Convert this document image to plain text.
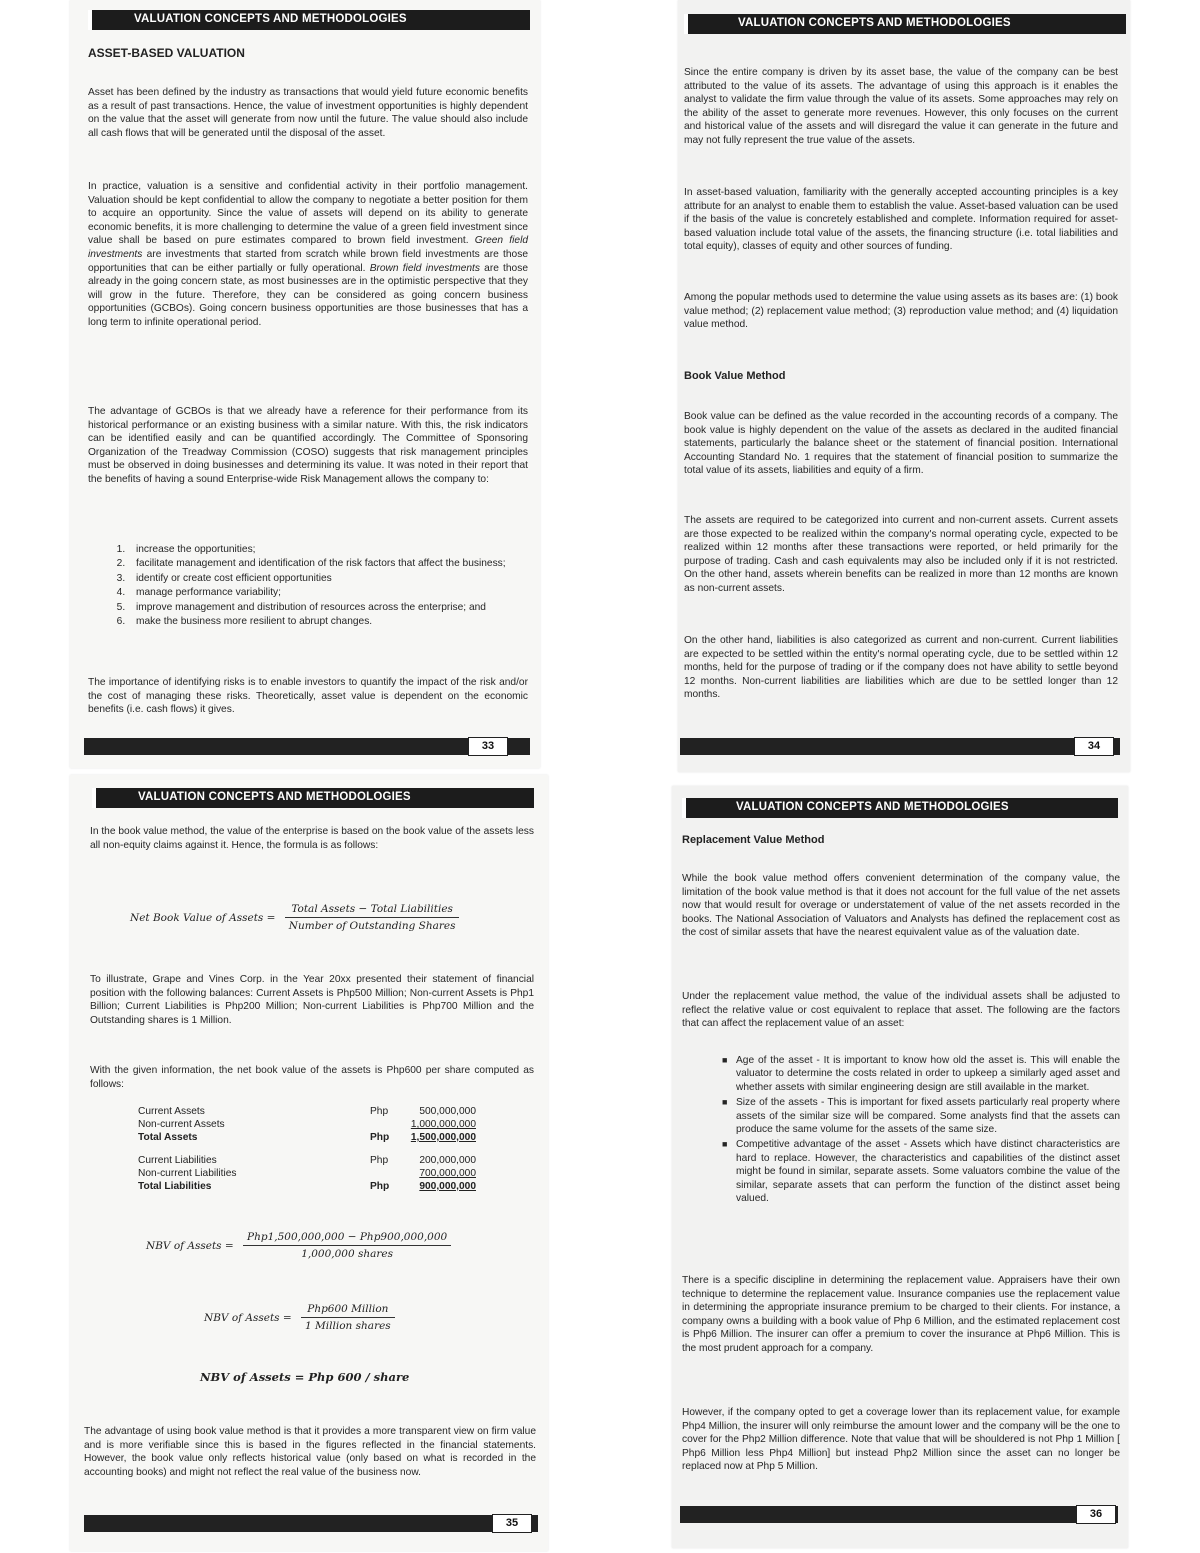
VALUATION CONCEPTS AND METHODOLOGIES
ASSET-BASED VALUATION
Asset has been defined by the industry as transactions that would yield future economic benefits as a result of past transactions. Hence, the value of investment opportunities is highly dependent on the value that the asset will generate from now until the future. The value should also include all cash flows that will be generated until the disposal of the asset.
In practice, valuation is a sensitive and confidential activity in their portfolio management. Valuation should be kept confidential to allow the company to negotiate a better position for them to acquire an opportunity. Since the value of assets will depend on its ability to generate economic benefits, it is more challenging to determine the value of a green field investment since value shall be based on pure estimates compared to brown field investment. Green field investments are investments that started from scratch while brown field investments are those opportunities that can be either partially or fully operational. Brown field investments are those already in the going concern state, as most businesses are in the optimistic perspective that they will grow in the future. Therefore, they can be considered as going concern business opportunities (GCBOs). Going concern business opportunities are those businesses that has a long term to infinite operational period.
The advantage of GCBOs is that we already have a reference for their performance from its historical performance or an existing business with a similar nature. With this, the risk indicators can be identified easily and can be quantified accordingly. The Committee of Sponsoring Organization of the Treadway Commission (COSO) suggests that risk management principles must be observed in doing businesses and determining its value. It was noted in their report that the benefits of having a sound Enterprise-wide Risk Management allows the company to:
1. increase the opportunities;
2. facilitate management and identification of the risk factors that affect the business;
3. identify or create cost efficient opportunities
4. manage performance variability;
5. improve management and distribution of resources across the enterprise; and
6. make the business more resilient to abrupt changes.
The importance of identifying risks is to enable investors to quantify the impact of the risk and/or the cost of managing these risks. Theoretically, asset value is dependent on the economic benefits (i.e. cash flows) it gives.
33
VALUATION CONCEPTS AND METHODOLOGIES
Since the entire company is driven by its asset base, the value of the company can be best attributed to the value of its assets. The advantage of using this approach is it enables the analyst to validate the firm value through the value of its assets. Some approaches may rely on the ability of the asset to generate more revenues. However, this only focuses on the current and historical value of the assets and will disregard the value it can generate in the future and may not fully represent the true value of the assets.
In asset-based valuation, familiarity with the generally accepted accounting principles is a key attribute for an analyst to enable them to establish the value. Asset-based valuation can be used if the basis of the value is concretely established and complete. Information required for asset-based valuation include total value of the assets, the financing structure (i.e. total liabilities and total equity), classes of equity and other sources of funding.
Among the popular methods used to determine the value using assets as its bases are: (1) book value method; (2) replacement value method; (3) reproduction value method; and (4) liquidation value method.
Book Value Method
Book value can be defined as the value recorded in the accounting records of a company. The book value is highly dependent on the value of the assets as declared in the audited financial statements, particularly the balance sheet or the statement of financial position. International Accounting Standard No. 1 requires that the statement of financial position to summarize the total value of its assets, liabilities and equity of a firm.
The assets are required to be categorized into current and non-current assets. Current assets are those expected to be realized within the company's normal operating cycle, expected to be realized within 12 months after these transactions were reported, or held primarily for the purpose of trading. Cash and cash equivalents may also be included only if it is not restricted. On the other hand, assets wherein benefits can be realized in more than 12 months are known as non-current assets.
On the other hand, liabilities is also categorized as current and non-current. Current liabilities are expected to be settled within the entity's normal operating cycle, due to be settled within 12 months, held for the purpose of trading or if the company does not have ability to settle beyond 12 months. Non-current liabilities are liabilities which are due to be settled longer than 12 months.
34
VALUATION CONCEPTS AND METHODOLOGIES
In the book value method, the value of the enterprise is based on the book value of the assets less all non-equity claims against it. Hence, the formula is as follows:
Net Book Value of Assets = $\frac{\text{Total Assets − Total Liabilities}}{\text{Number of Outstanding Shares}}$
To illustrate, Grape and Vines Corp. in the Year 20xx presented their statement of financial position with the following balances: Current Assets is Php500 Million; Non-current Assets is Php1 Billion; Current Liabilities is Php200 Million; Non-current Liabilities is Php700 Million and the Outstanding shares is 1 Million.
With the given information, the net book value of the assets is Php600 per share computed as follows:
Current Assets	Php	500,000,000
Non-current Assets		1,000,000,000
Total Assets	Php	1,500,000,000

Current Liabilities	Php	200,000,000
Non-current Liabilities		700,000,000
Total Liabilities	Php	900,000,000
NBV of Assets = $\frac{\text{Php1,500,000,000 − Php900,000,000}}{\text{1,000,000 shares}}$
NBV of Assets = $\frac{\text{Php600 Million}}{\text{1 Million shares}}$
NBV of Assets = Php 600 / share
The advantage of using book value method is that it provides a more transparent view on firm value and is more verifiable since this is based in the figures reflected in the financial statements. However, the book value only reflects historical value (only based on what is recorded in the accounting books) and might not reflect the real value of the business now.
35
VALUATION CONCEPTS AND METHODOLOGIES
Replacement Value Method
While the book value method offers convenient determination of the company value, the limitation of the book value method is that it does not account for the full value of the net assets now that would result for overage or understatement of value of the net assets recorded in the books. The National Association of Valuators and Analysts has defined the replacement cost as the cost of similar assets that have the nearest equivalent value as of the valuation date.
Under the replacement value method, the value of the individual assets shall be adjusted to reflect the relative value or cost equivalent to replace that asset. The following are the factors that can affect the replacement value of an asset:
■ Age of the asset - It is important to know how old the asset is. This will enable the valuator to determine the costs related in order to upkeep a similarly aged asset and whether assets with similar engineering design are still available in the market.
■ Size of the assets - This is important for fixed assets particularly real property where assets of the similar size will be compared. Some analysts find that the assets can produce the same volume for the assets of the same size.
■ Competitive advantage of the asset - Assets which have distinct characteristics are hard to replace. However, the characteristics and capabilities of the distinct asset might be found in similar, separate assets. Some valuators combine the value of the similar, separate assets that can perform the function of the distinct asset being valued.
There is a specific discipline in determining the replacement value. Appraisers have their own technique to determine the replacement value. Insurance companies use the replacement value in determining the appropriate insurance premium to be charged to their clients. For instance, a company owns a building with a book value of Php 6 Million, and the estimated replacement cost is Php6 Million. The insurer can offer a premium to cover the insurance at Php6 Million. This is the most prudent approach for a company.
However, if the company opted to get a coverage lower than its replacement value, for example Php4 Million, the insurer will only reimburse the amount lower and the company will be the one to cover for the Php2 Million difference. Note that value that will be shouldered is not Php 1 Million [ Php6 Million less Php4 Million] but instead Php2 Million since the asset can no longer be replaced now at Php 5 Million.
36
